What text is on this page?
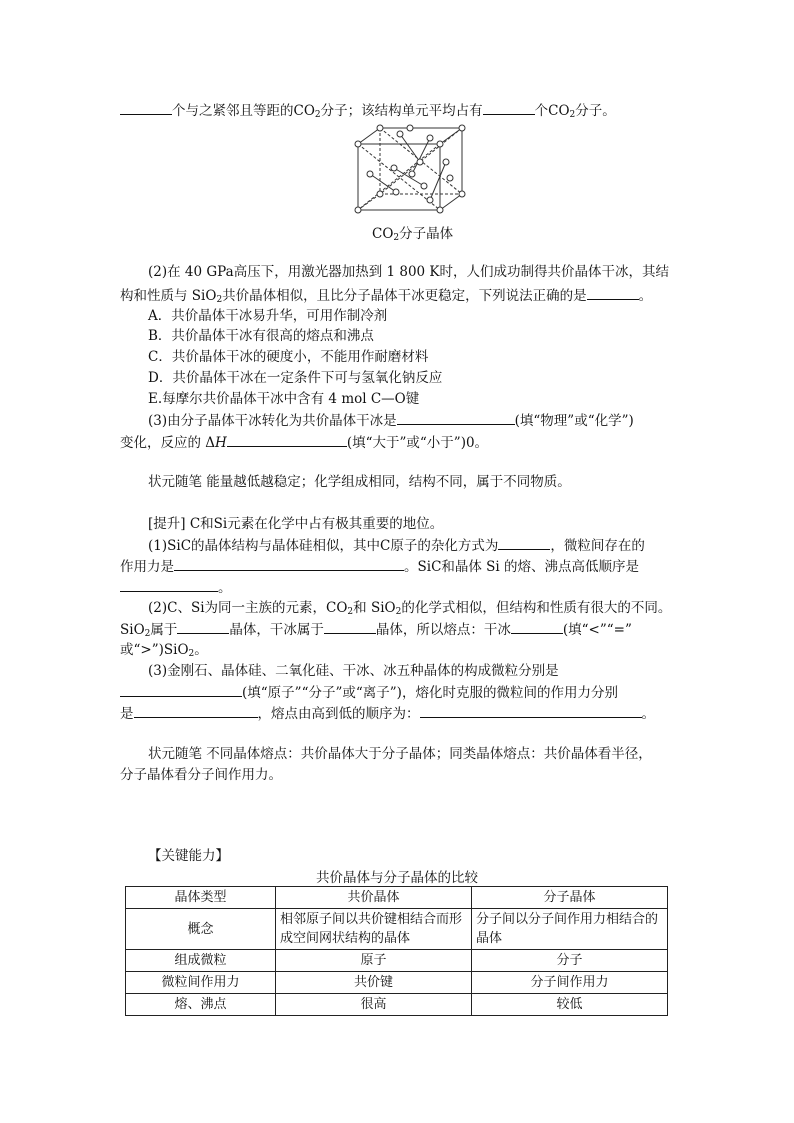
个与之紧邻且等距的$CO_2$分子；该结构单元平均占有	个$CO_2$分子。
$CO_2$分子晶体
(2)在 40 GPa高压下，用激光器加热到 1 800 K时，人们成功制得共价晶体干冰，其结
构和性质与 SiO$_2$共价晶体相似，且比分子晶体干冰更稳定，下列说法正确的是	。
A．共价晶体干冰易升华，可用作制冷剂
B．共价晶体干冰有很高的熔点和沸点
C．共价晶体干冰的硬度小，不能用作耐磨材料
D．共价晶体干冰在一定条件下可与氢氧化钠反应
E.每摩尔共价晶体干冰中含有 4 mol C—O键
(3)由分子晶体干冰转化为共价晶体干冰是	(填“物理”或“化学”)
变化，反应的 ΔH	(填“大于”或“小于”)0。
状元随笔 能量越低越稳定；化学组成相同，结构不同，属于不同物质。
[提升] C和Si元素在化学中占有极其重要的地位。
(1)SiC的晶体结构与晶体硅相似，其中C原子的杂化方式为	，微粒间存在的
作用力是	。SiC和晶体 Si 的熔、沸点高低顺序是
。
(2)C、Si为同一主族的元素，$CO_2$和 SiO$_2$的化学式相似，但结构和性质有很大的不同。
SiO$_2$属于	晶体，干冰属于	晶体，所以熔点：干冰	(填“<”“=”
或“>”)SiO$_2$。
(3)金刚石、晶体硅、二氧化硅、干冰、冰五种晶体的构成微粒分别是
(填“原子”“分子”或“离子”)，熔化时克服的微粒间的作用力分别
是	，熔点由高到低的顺序为：	。
状元随笔 不同晶体熔点：共价晶体大于分子晶体；同类晶体熔点：共价晶体看半径，
分子晶体看分子间作用力。
【关键能力】
共价晶体与分子晶体的比较
晶体类型	共价晶体	分子晶体
概念	相邻原子间以共价键相结合而形成空间网状结构的晶体	分子间以分子间作用力相结合的晶体
组成微粒	原子	分子
微粒间作用力	共价键	分子间作用力
熔、沸点	很高	较低
